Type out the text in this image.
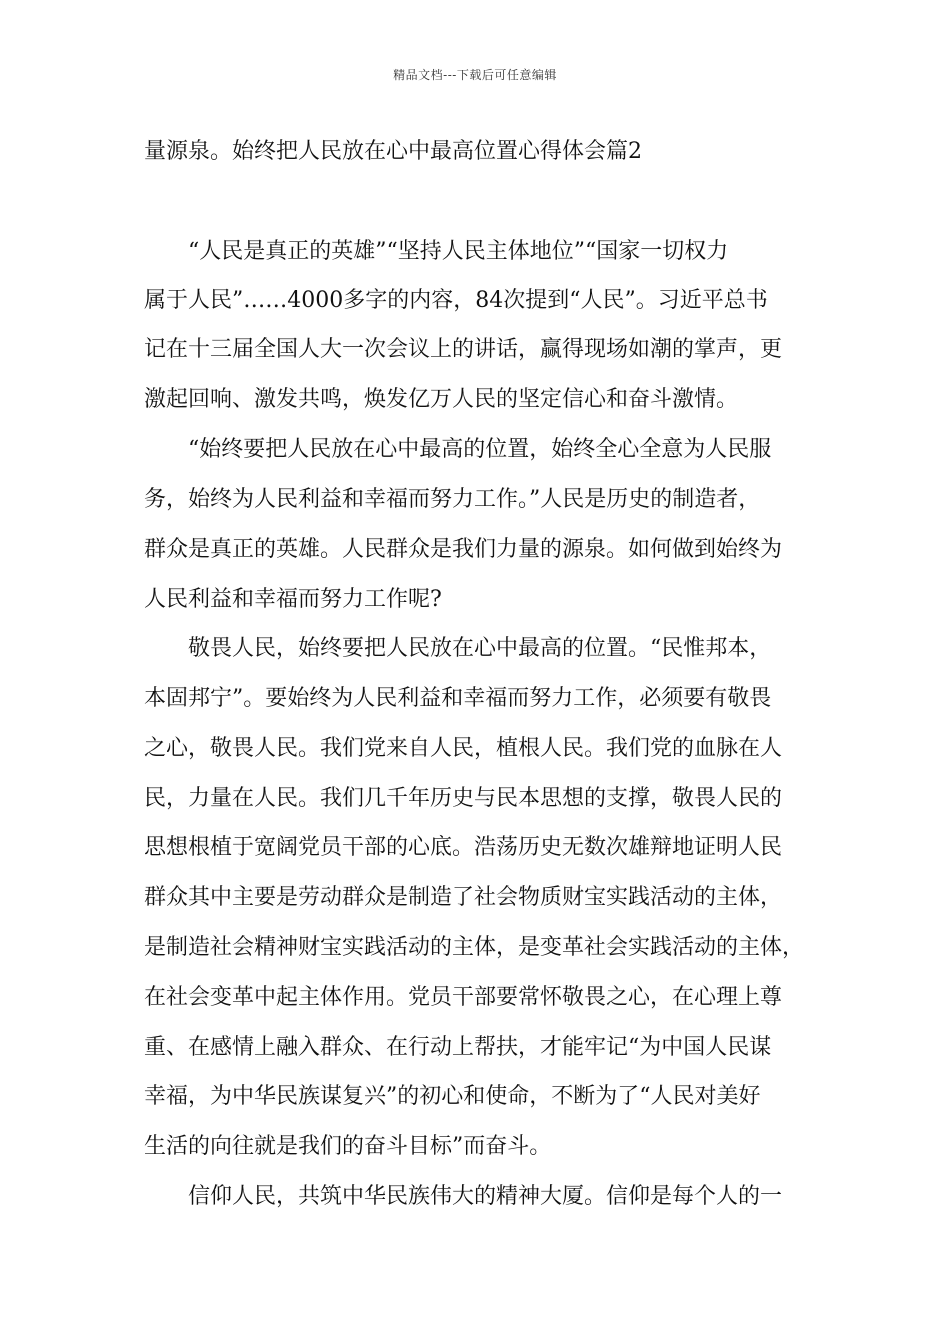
精品文档---下载后可任意编辑
量源泉。始终把人民放在心中最高位置心得体会篇2
“人民是真正的英雄”“坚持人民主体地位”“国家一切权力
属于人民”……4000多字的内容，84次提到“人民”。习近平总书
记在十三届全国人大一次会议上的讲话，赢得现场如潮的掌声，更
激起回响、激发共鸣，焕发亿万人民的坚定信心和奋斗激情。
“始终要把人民放在心中最高的位置，始终全心全意为人民服
务，始终为人民利益和幸福而努力工作。”人民是历史的制造者，
群众是真正的英雄。人民群众是我们力量的源泉。如何做到始终为
人民利益和幸福而努力工作呢?
敬畏人民，始终要把人民放在心中最高的位置。“民惟邦本，
本固邦宁”。要始终为人民利益和幸福而努力工作，必须要有敬畏
之心，敬畏人民。我们党来自人民，植根人民。我们党的血脉在人
民，力量在人民。我们几千年历史与民本思想的支撑，敬畏人民的
思想根植于宽阔党员干部的心底。浩荡历史无数次雄辩地证明人民
群众其中主要是劳动群众是制造了社会物质财宝实践活动的主体，
是制造社会精神财宝实践活动的主体，是变革社会实践活动的主体，
在社会变革中起主体作用。党员干部要常怀敬畏之心，在心理上尊
重、在感情上融入群众、在行动上帮扶，才能牢记“为中国人民谋
幸福，为中华民族谋复兴”的初心和使命，不断为了“人民对美好
生活的向往就是我们的奋斗目标”而奋斗。
信仰人民，共筑中华民族伟大的精神大厦。信仰是每个人的一
